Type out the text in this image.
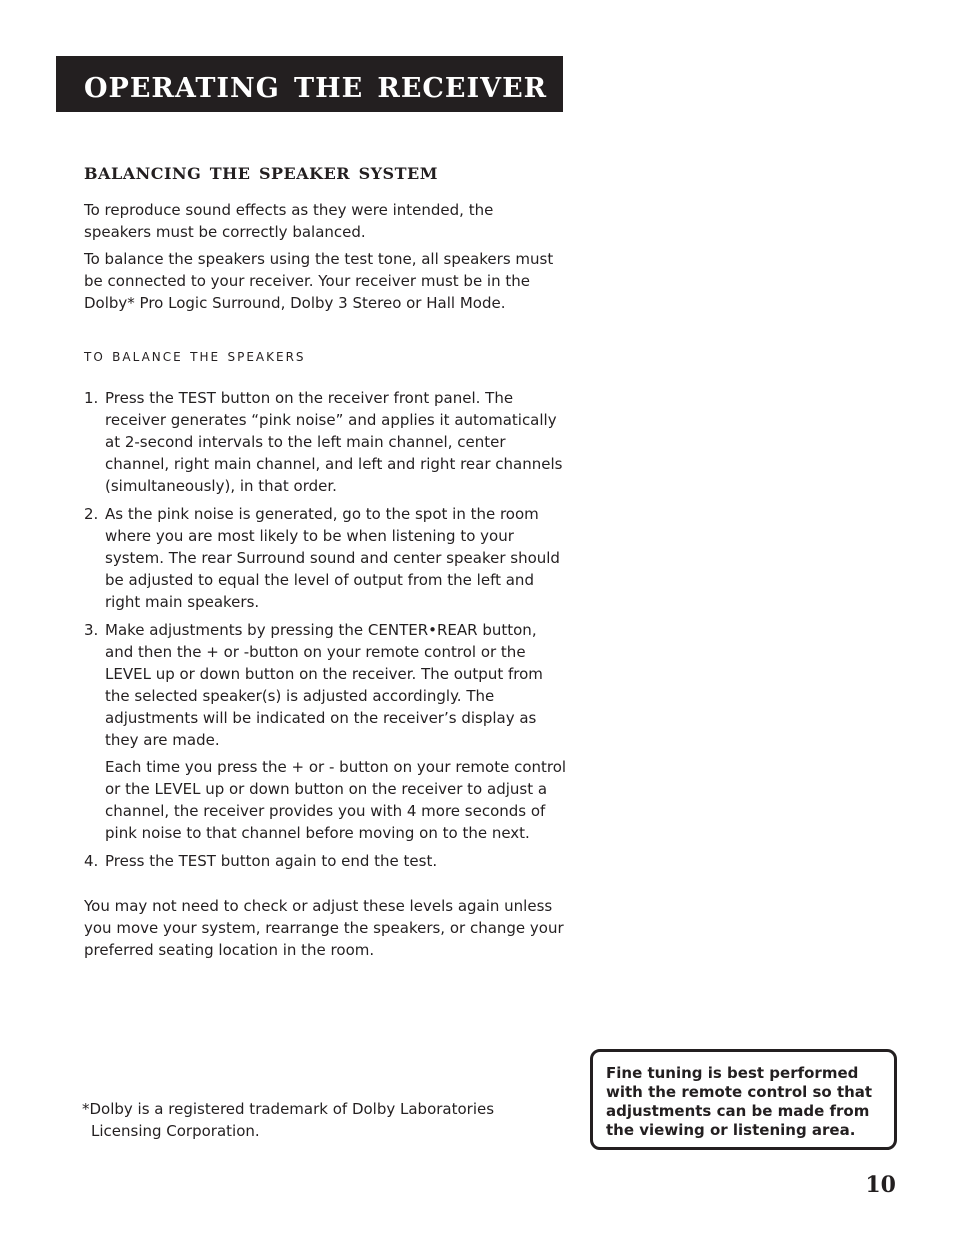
operating the receiver
balancing the speaker system

To reproduce sound effects as they were intended, the speakers must be correctly balanced.

To balance the speakers using the test tone, all speakers must be connected to your receiver. Your receiver must be in the Dolby* Pro Logic Surround, Dolby 3 Stereo or Hall Mode.

to balance the speakers
1. Press the TEST button on the receiver front panel. The receiver generates “pink noise” and applies it automatically at 2-second intervals to the left main channel, center channel, right main channel, and left and right rear channels (simultaneously), in that order.

2. As the pink noise is generated, go to the spot in the room where you are most likely to be when listening to your system. The rear Surround sound and center speaker should be adjusted to equal the level of output from the left and right main speakers.

3. Make adjustments by pressing the CENTER•REAR button, and then the + or -button on your remote control or the LEVEL up or down button on the receiver. The output from the selected speaker(s) is adjusted accordingly. The adjustments will be indicated on the receiver’s display as they are made.

Each time you press the + or - button on your remote control or the LEVEL up or down button on the receiver to adjust a channel, the receiver provides you with 4 more seconds of pink noise to that channel before moving on to the next.

4. Press the TEST button again to end the test.

You may not need to check or adjust these levels again unless you move your system, rearrange the speakers, or change your preferred seating location in the room.

*Dolby is a registered trademark of Dolby Laboratories
Licensing Corporation.

Fine tuning is best performed with the remote control so that adjustments can be made from the viewing or listening area.

10
